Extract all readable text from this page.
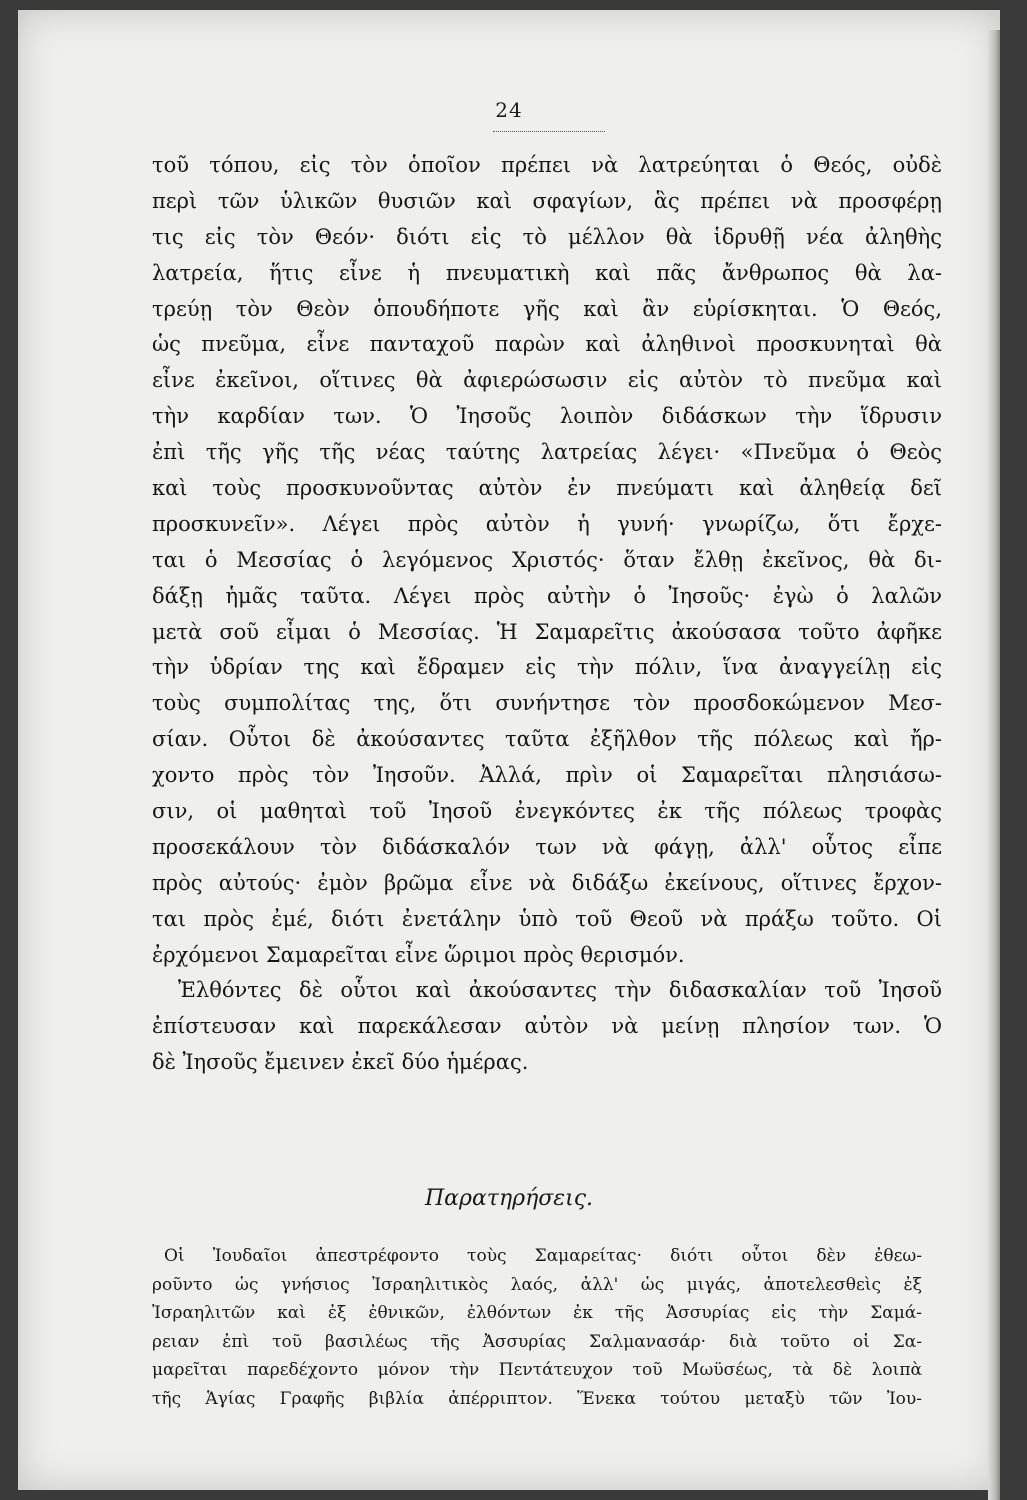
24
τοῦ τόπου, εἰς τὸν ὁποῖον πρέπει νὰ λατρεύηται ὁ Θεός, οὐδὲ
περὶ τῶν ὑλικῶν θυσιῶν καὶ σφαγίων, ἃς πρέπει νὰ προσφέρῃ
τις εἰς τὸν Θεόν· διότι εἰς τὸ μέλλον θὰ ἱδρυθῇ νέα ἀληθὴς
λατρεία, ἥτις εἶνε ἡ πνευματικὴ καὶ πᾶς ἄνθρωπος θὰ λα-
τρεύῃ τὸν Θεὸν ὁπουδήποτε γῆς καὶ ἂν εὑρίσκηται. Ὁ Θεός,
ὡς πνεῦμα, εἶνε πανταχοῦ παρὼν καὶ ἀληθινοὶ προσκυνηταὶ θὰ
εἶνε ἐκεῖνοι, οἵτινες θὰ ἀφιερώσωσιν εἰς αὐτὸν τὸ πνεῦμα καὶ
τὴν καρδίαν των. Ὁ Ἰησοῦς λοιπὸν διδάσκων τὴν ἵδρυσιν
ἐπὶ τῆς γῆς τῆς νέας ταύτης λατρείας λέγει· «Πνεῦμα ὁ Θεὸς
καὶ τοὺς προσκυνοῦντας αὐτὸν ἐν πνεύματι καὶ ἀληθείᾳ δεῖ
προσκυνεῖν». Λέγει πρὸς αὐτὸν ἡ γυνή· γνωρίζω, ὅτι ἔρχε-
ται ὁ Μεσσίας ὁ λεγόμενος Χριστός· ὅταν ἔλθῃ ἐκεῖνος, θὰ δι-
δάξῃ ἡμᾶς ταῦτα. Λέγει πρὸς αὐτὴν ὁ Ἰησοῦς· ἐγὼ ὁ λαλῶν
μετὰ σοῦ εἶμαι ὁ Μεσσίας. Ἡ Σαμαρεῖτις ἀκούσασα τοῦτο ἀφῆκε
τὴν ὑδρίαν της καὶ ἔδραμεν εἰς τὴν πόλιν, ἵνα ἀναγγείλῃ εἰς
τοὺς συμπολίτας της, ὅτι συνήντησε τὸν προσδοκώμενον Μεσ-
σίαν. Οὗτοι δὲ ἀκούσαντες ταῦτα ἐξῆλθον τῆς πόλεως καὶ ἤρ-
χοντο πρὸς τὸν Ἰησοῦν. Ἀλλά, πρὶν οἱ Σαμαρεῖται πλησιάσω-
σιν, οἱ μαθηταὶ τοῦ Ἰησοῦ ἐνεγκόντες ἐκ τῆς πόλεως τροφὰς
προσεκάλουν τὸν διδάσκαλόν των νὰ φάγῃ, ἀλλ' οὗτος εἶπε
πρὸς αὐτούς· ἐμὸν βρῶμα εἶνε νὰ διδάξω ἐκείνους, οἵτινες ἔρχον-
ται πρὸς ἐμέ, διότι ἐνετάλην ὑπὸ τοῦ Θεοῦ νὰ πράξω τοῦτο. Οἱ
ἐρχόμενοι Σαμαρεῖται εἶνε ὥριμοι πρὸς θερισμόν.
Ἐλθόντες δὲ οὗτοι καὶ ἀκούσαντες τὴν διδασκαλίαν τοῦ Ἰησοῦ
ἐπίστευσαν καὶ παρεκάλεσαν αὐτὸν νὰ μείνῃ πλησίον των. Ὁ
δὲ Ἰησοῦς ἔμεινεν ἐκεῖ δύο ἡμέρας.
Παρατηρήσεις.
Οἱ Ἰουδαῖοι ἀπεστρέφοντο τοὺς Σαμαρείτας· διότι οὗτοι δὲν ἐθεω-
ροῦντο ὡς γνήσιος Ἰσραηλιτικὸς λαός, ἀλλ' ὡς μιγάς, ἀποτελεσθεὶς ἐξ
Ἰσραηλιτῶν καὶ ἐξ ἐθνικῶν, ἐλθόντων ἐκ τῆς Ἀσσυρίας εἰς τὴν Σαμά-
ρειαν ἐπὶ τοῦ βασιλέως τῆς Ἀσσυρίας Σαλμανασάρ· διὰ τοῦτο οἱ Σα-
μαρεῖται παρεδέχοντο μόνον τὴν Πεντάτευχον τοῦ Μωϋσέως, τὰ δὲ λοιπὰ
τῆς Ἁγίας Γραφῆς βιβλία ἀπέρριπτον. Ἕνεκα τούτου μεταξὺ τῶν Ἰου-
